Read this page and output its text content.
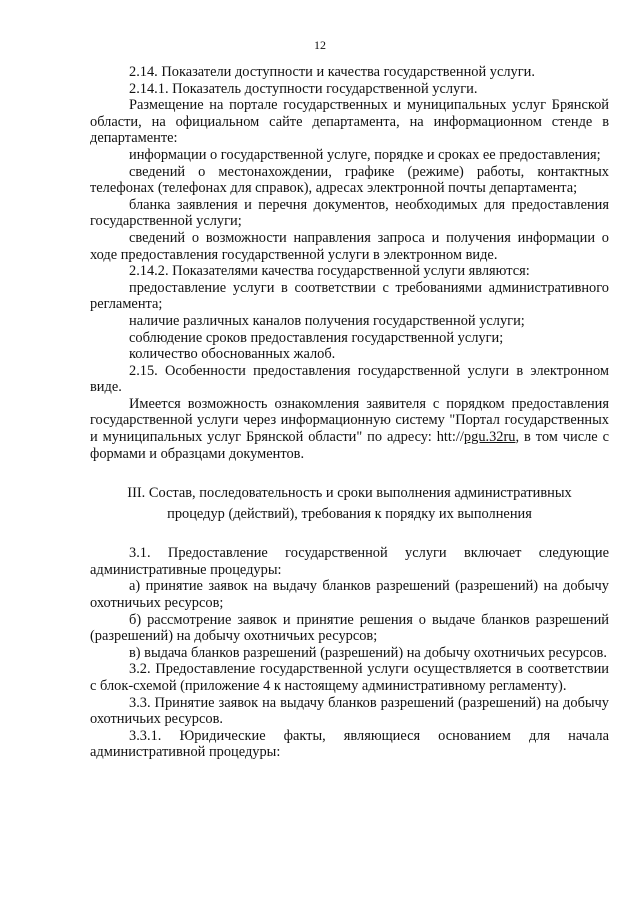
12

2.14. Показатели доступности и качества государственной услуги.

2.14.1. Показатель доступности государственной услуги.

Размещение на портале государственных и муниципальных услуг Брянской области, на официальном сайте департамента, на информационном стенде в департаменте:

информации о государственной услуге, порядке и сроках ее предоставления;

сведений о местонахождении, графике (режиме) работы, контактных телефонах (телефонах для справок), адресах электронной почты департамента;

бланка заявления и перечня документов, необходимых для предоставления государственной услуги;

сведений о возможности направления запроса и получения информации о ходе предоставления государственной услуги в электронном виде.

2.14.2. Показателями качества государственной услуги являются:

предоставление услуги в соответствии с требованиями административного регламента;

наличие различных каналов получения государственной услуги;

соблюдение сроков предоставления государственной услуги;

количество обоснованных жалоб.

2.15. Особенности предоставления государственной услуги в электронном виде.

Имеется возможность ознакомления заявителя с порядком предоставления государственной услуги через информационную систему "Портал государственных и муниципальных услуг Брянской области" по адресу: htt://pgu.32ru, в том числе с формами и образцами документов.

III. Состав, последовательность и сроки выполнения административных
процедур (действий), требования к порядку их выполнения

3.1. Предоставление государственной услуги включает следующие административные процедуры:

а) принятие заявок на выдачу бланков разрешений (разрешений) на добычу охотничьих ресурсов;

б) рассмотрение заявок и принятие решения о выдаче бланков разрешений (разрешений) на добычу охотничьих ресурсов;

в) выдача бланков разрешений (разрешений) на добычу охотничьих ресурсов.

3.2. Предоставление государственной услуги осуществляется в соответствии с блок-схемой (приложение 4 к настоящему административному регламенту).

3.3. Принятие заявок на выдачу бланков разрешений (разрешений) на добычу охотничьих ресурсов.

3.3.1. Юридические факты, являющиеся основанием для начала административной процедуры:
